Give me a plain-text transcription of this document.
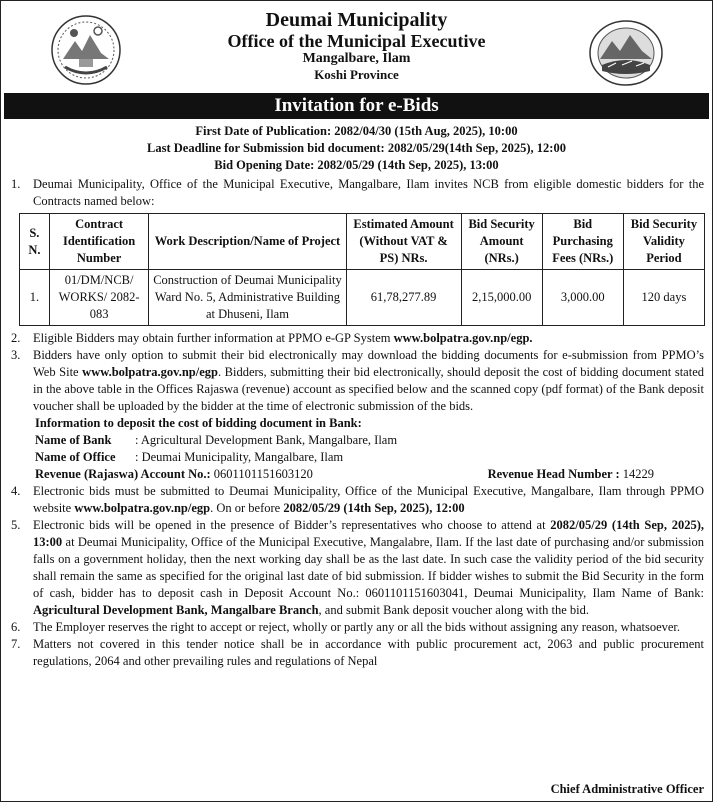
Deumai Municipality
Office of the Municipal Executive
Mangalbare, Ilam
Koshi Province
Invitation for e-Bids
First Date of Publication: 2082/04/30 (15th Aug, 2025), 10:00
Last Deadline for Submission bid document: 2082/05/29(14th Sep, 2025), 12:00
Bid Opening Date: 2082/05/29 (14th Sep, 2025), 13:00
1.	Deumai Municipality, Office of the Municipal Executive, Mangalbare, Ilam invites NCB from eligible domestic bidders for the Contracts named below:
S. N.	Contract Identification Number	Work Description/Name of Project	Estimated Amount (Without VAT & PS) NRs.	Bid Security Amount (NRs.)	Bid Purchasing Fees (NRs.)	Bid Security Validity Period
1.	01/DM/NCB/ WORKS/ 2082-083	Construction of Deumai Municipality Ward No. 5, Administrative Building at Dhuseni, Ilam	61,78,277.89	2,15,000.00	3,000.00	120 days
2.	Eligible Bidders may obtain further information at PPMO e-GP System www.bolpatra.gov.np/egp.
3.	Bidders have only option to submit their bid electronically may download the bidding documents for e-submission from PPMO’s Web Site www.bolpatra.gov.np/egp. Bidders, submitting their bid electronically, should deposit the cost of bidding document stated in the above table in the Offices Rajaswa (revenue) account as specified below and the scanned copy (pdf format) of the Bank deposit voucher shall be uploaded by the bidder at the time of electronic submission of the bids.
Information to deposit the cost of bidding document in Bank:
Name of Bank	: Agricultural Development Bank, Mangalbare, Ilam
Name of Office	: Deumai Municipality, Mangalbare, Ilam
Revenue (Rajaswa) Account No.: 0601101151603120	Revenue Head Number : 14229
4.	Electronic bids must be submitted to Deumai Municipality, Office of the Municipal Executive, Mangalbare, Ilam through PPMO website www.bolpatra.gov.np/egp. On or before 2082/05/29 (14th Sep, 2025), 12:00
5.	Electronic bids will be opened in the presence of Bidder’s representatives who choose to attend at 2082/05/29 (14th Sep, 2025), 13:00 at Deumai Municipality, Office of the Municipal Executive, Mangalabre, Ilam. If the last date of purchasing and/or submission falls on a government holiday, then the next working day shall be as the last date. In such case the validity period of the bid security shall remain the same as specified for the original last date of bid submission. If bidder wishes to submit the Bid Security in the form of cash, bidder has to deposit cash in Deposit Account No.: 0601101151603041, Deumai Municipality, Ilam Name of Bank: Agricultural Development Bank, Mangalbare Branch, and submit Bank deposit voucher along with the bid.
6.	The Employer reserves the right to accept or reject, wholly or partly any or all the bids without assigning any reason, whatsoever.
7.	Matters not covered in this tender notice shall be in accordance with public procurement act, 2063 and public procurement regulations, 2064 and other prevailing rules and regulations of Nepal
Chief Administrative Officer
